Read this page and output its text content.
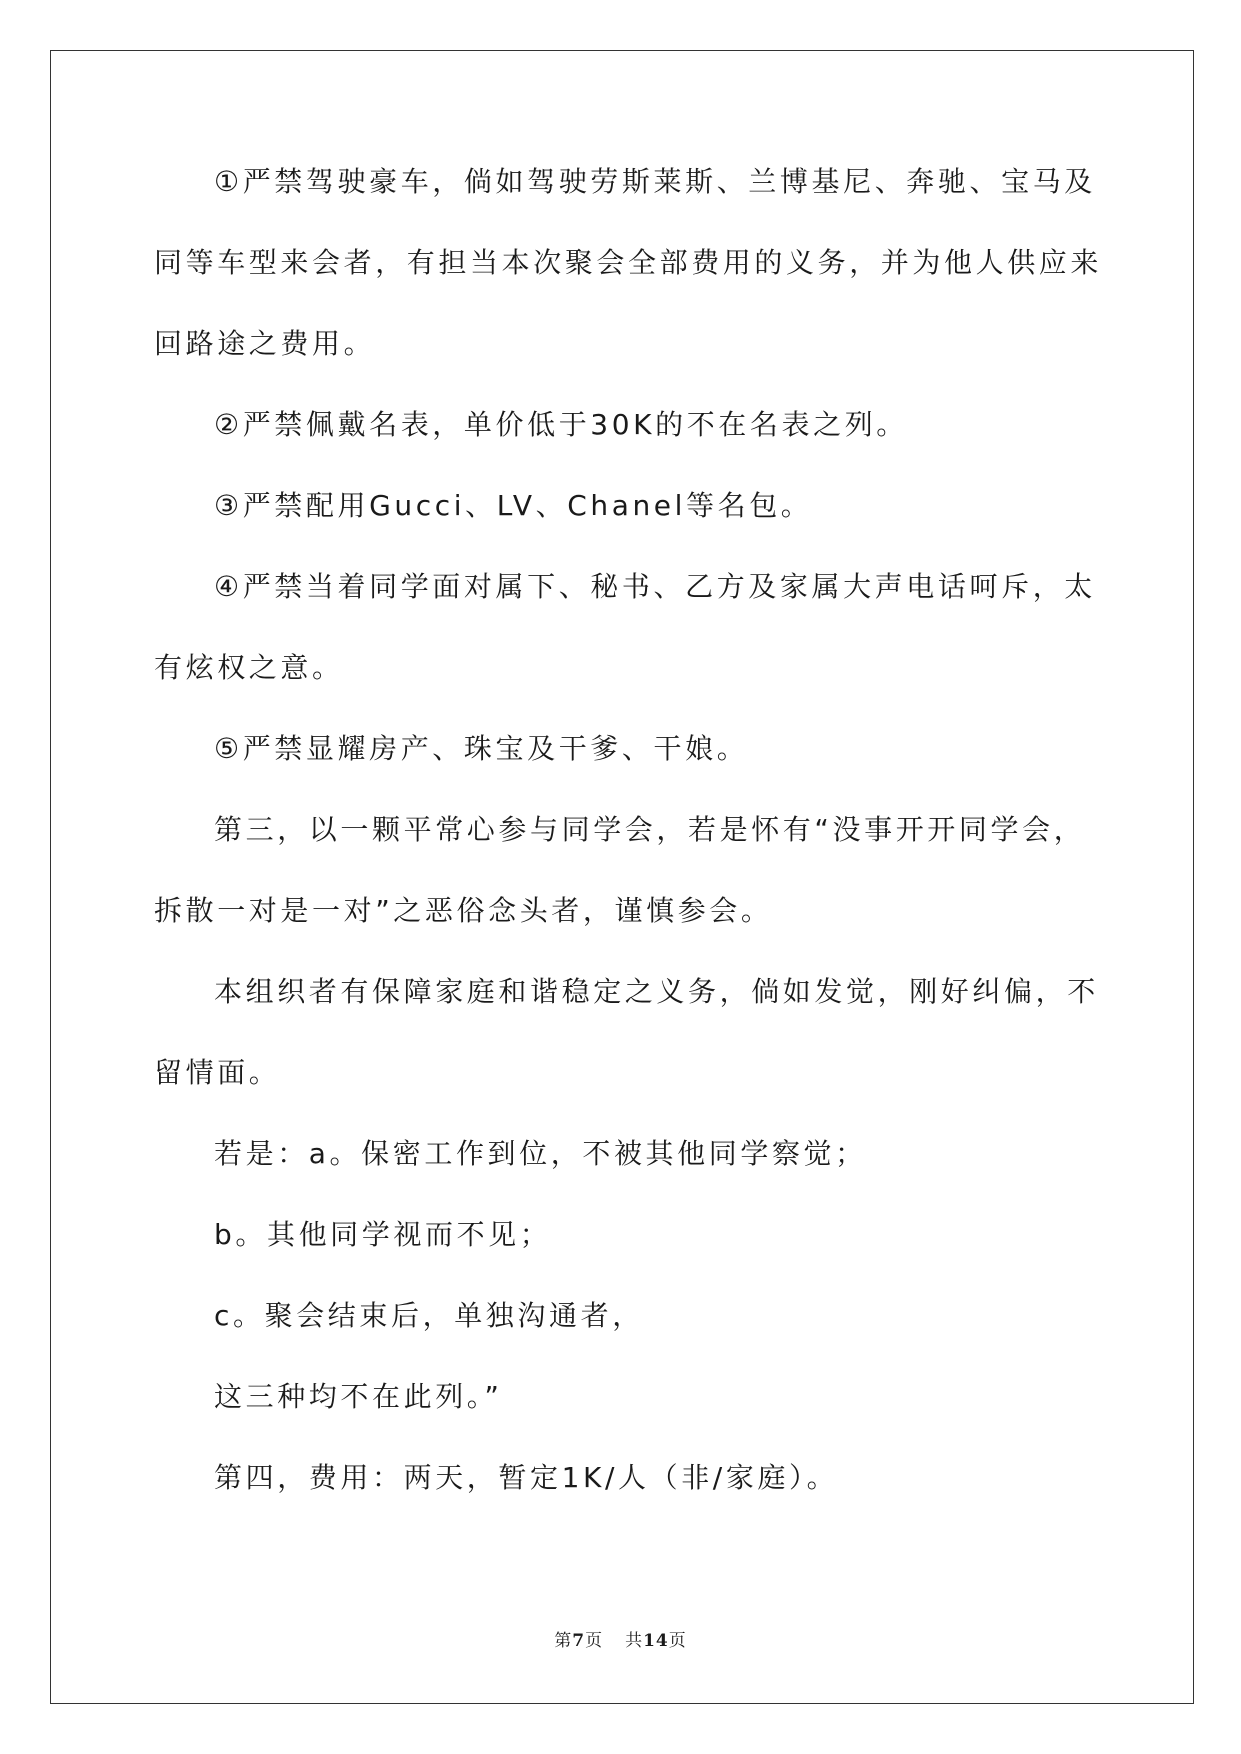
①严禁驾驶豪车，倘如驾驶劳斯莱斯、兰博基尼、奔驰、宝马及
同等车型来会者，有担当本次聚会全部费用的义务，并为他人供应来
回路途之费用。
②严禁佩戴名表，单价低于30K的不在名表之列。
③严禁配用Gucci、LV、Chanel等名包。
④严禁当着同学面对属下、秘书、乙方及家属大声电话呵斥，太
有炫权之意。
⑤严禁显耀房产、珠宝及干爹、干娘。
第三，以一颗平常心参与同学会，若是怀有“没事开开同学会，
拆散一对是一对”之恶俗念头者，谨慎参会。
本组织者有保障家庭和谐稳定之义务，倘如发觉，刚好纠偏，不
留情面。
若是：a。保密工作到位，不被其他同学察觉；
b。其他同学视而不见；
c。聚会结束后，单独沟通者，
这三种均不在此列。”
第四，费用：两天，暂定1K/人（非/家庭）。
第7页 共14页
